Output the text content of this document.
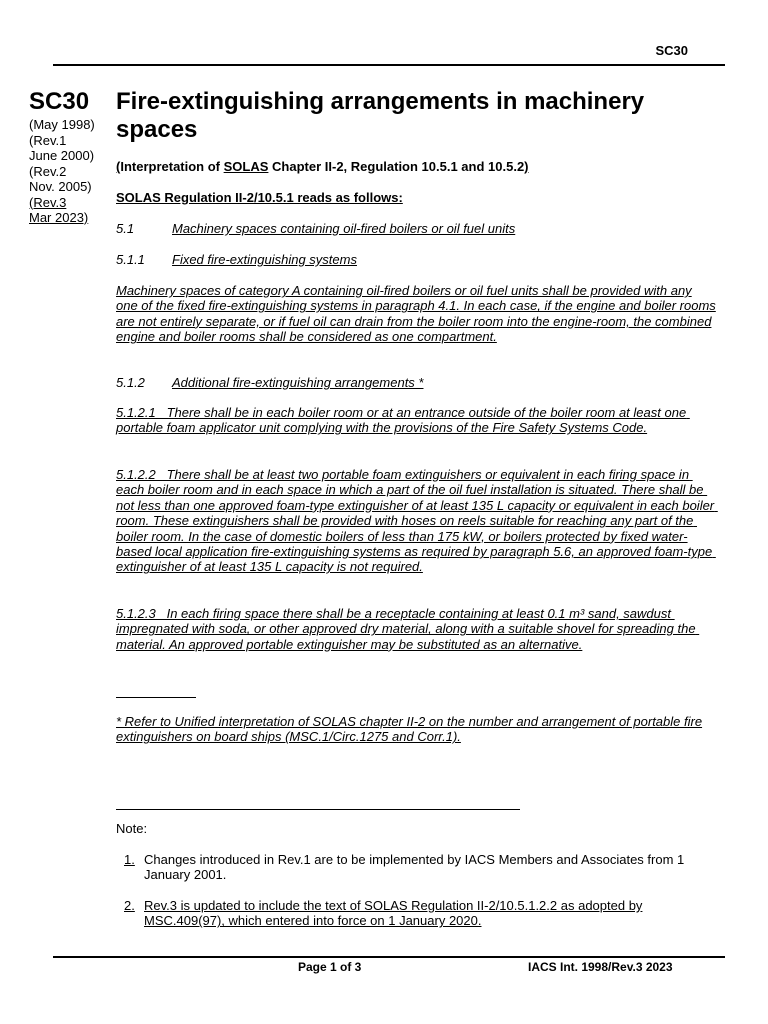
SC30
SC30
(May 1998)
(Rev.1
June 2000)
(Rev.2
Nov. 2005)
(Rev.3
Mar 2023)
Fire-extinguishing arrangements in machinery spaces
(Interpretation of SOLAS Chapter II-2, Regulation 10.5.1 and 10.5.2)
SOLAS Regulation II-2/10.5.1 reads as follows:
5.1	Machinery spaces containing oil-fired boilers or oil fuel units
5.1.1 Fixed fire-extinguishing systems
Machinery spaces of category A containing oil-fired boilers or oil fuel units shall be provided with any one of the fixed fire-extinguishing systems in paragraph 4.1. In each case, if the engine and boiler rooms are not entirely separate, or if fuel oil can drain from the boiler room into the engine-room, the combined engine and boiler rooms shall be considered as one compartment.
5.1.2 Additional fire-extinguishing arrangements *
5.1.2.1   There shall be in each boiler room or at an entrance outside of the boiler room at least one portable foam applicator unit complying with the provisions of the Fire Safety Systems Code.
5.1.2.2   There shall be at least two portable foam extinguishers or equivalent in each firing space in each boiler room and in each space in which a part of the oil fuel installation is situated. There shall be not less than one approved foam-type extinguisher of at least 135 L capacity or equivalent in each boiler room. These extinguishers shall be provided with hoses on reels suitable for reaching any part of the boiler room. In the case of domestic boilers of less than 175 kW, or boilers protected by fixed water-based local application fire-extinguishing systems as required by paragraph 5.6, an approved foam-type extinguisher of at least 135 L capacity is not required.
5.1.2.3   In each firing space there shall be a receptacle containing at least 0.1 m³ sand, sawdust impregnated with soda, or other approved dry material, along with a suitable shovel for spreading the material. An approved portable extinguisher may be substituted as an alternative.
* Refer to Unified interpretation of SOLAS chapter II-2 on the number and arrangement of portable fire extinguishers on board ships (MSC.1/Circ.1275 and Corr.1).
Note:
1. Changes introduced in Rev.1 are to be implemented by IACS Members and Associates from 1 January 2001.
2. Rev.3 is updated to include the text of SOLAS Regulation II-2/10.5.1.2.2 as adopted by MSC.409(97), which entered into force on 1 January 2020.
Page 1 of 3	IACS Int. 1998/Rev.3 2023
